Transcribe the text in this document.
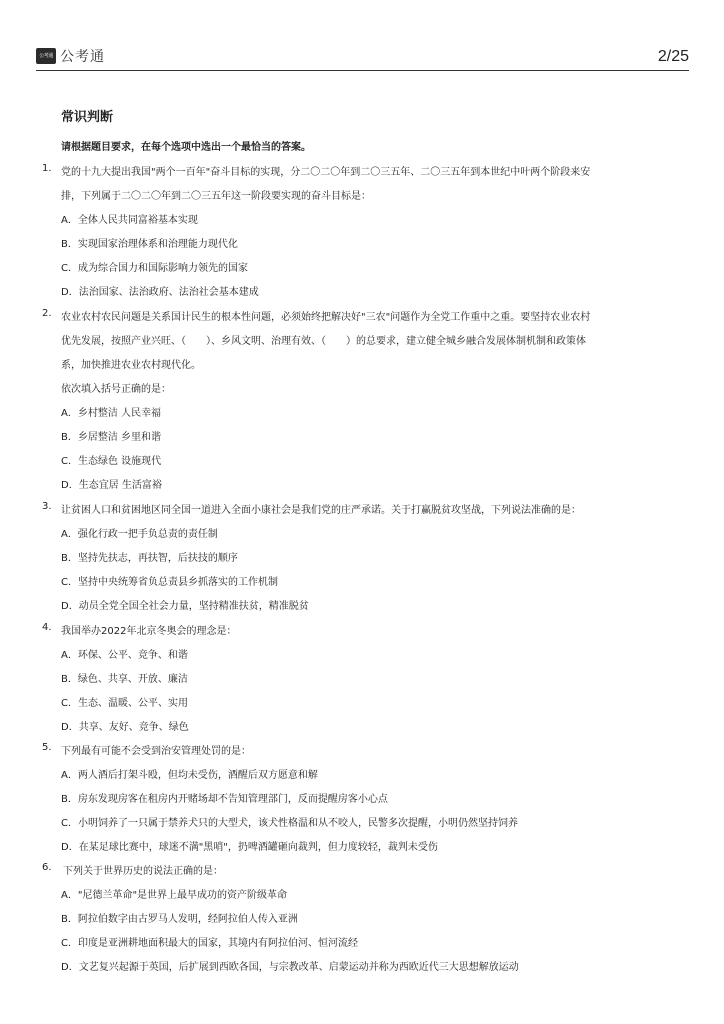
公考通 公考通	2/25
常识判断
请根据题目要求，在每个选项中选出一个最恰当的答案。
1. 党的十九大提出我国"两个一百年"奋斗目标的实现，分二〇二〇年到二〇三五年、二〇三五年到本世纪中叶两个阶段来安
排，下列属于二〇二〇年到二〇三五年这一阶段要实现的奋斗目标是：
A．全体人民共同富裕基本实现
B．实现国家治理体系和治理能力现代化
C．成为综合国力和国际影响力领先的国家
D．法治国家、法治政府、法治社会基本建成
2. 农业农村农民问题是关系国计民生的根本性问题，必须始终把解决好"三农"问题作为全党工作重中之重。要坚持农业农村
优先发展，按照产业兴旺、（　　）、乡风文明、治理有效、（　　）的总要求，建立健全城乡融合发展体制机制和政策体
系，加快推进农业农村现代化。
依次填入括号正确的是：
A．乡村整洁 人民幸福
B．乡居整洁 乡里和谐
C．生态绿色 设施现代
D．生态宜居 生活富裕
3. 让贫困人口和贫困地区同全国一道进入全面小康社会是我们党的庄严承诺。关于打赢脱贫攻坚战，下列说法准确的是：
A．强化行政一把手负总责的责任制
B．坚持先扶志，再扶智，后扶技的顺序
C．坚持中央统筹省负总责县乡抓落实的工作机制
D．动员全党全国全社会力量，坚持精准扶贫，精准脱贫
4. 我国举办2022年北京冬奥会的理念是：
A．环保、公平、竞争、和谐
B．绿色、共享、开放、廉洁
C．生态、温暖、公平、实用
D．共享、友好、竞争、绿色
5. 下列最有可能不会受到治安管理处罚的是：
A．两人酒后打架斗殴，但均未受伤，酒醒后双方愿意和解
B．房东发现房客在租房内开赌场却不告知管理部门，反而提醒房客小心点
C．小明饲养了一只属于禁养犬只的大型犬，该犬性格温和从不咬人，民警多次提醒，小明仍然坚持饲养
D．在某足球比赛中，球迷不满"黑哨"，扔啤酒罐砸向裁判，但力度较轻，裁判未受伤
6. 下列关于世界历史的说法正确的是：
A．"尼德兰革命"是世界上最早成功的资产阶级革命
B．阿拉伯数字由古罗马人发明，经阿拉伯人传入亚洲
C．印度是亚洲耕地面积最大的国家，其境内有阿拉伯河、恒河流经
D．文艺复兴起源于英国，后扩展到西欧各国，与宗教改革、启蒙运动并称为西欧近代三大思想解放运动
